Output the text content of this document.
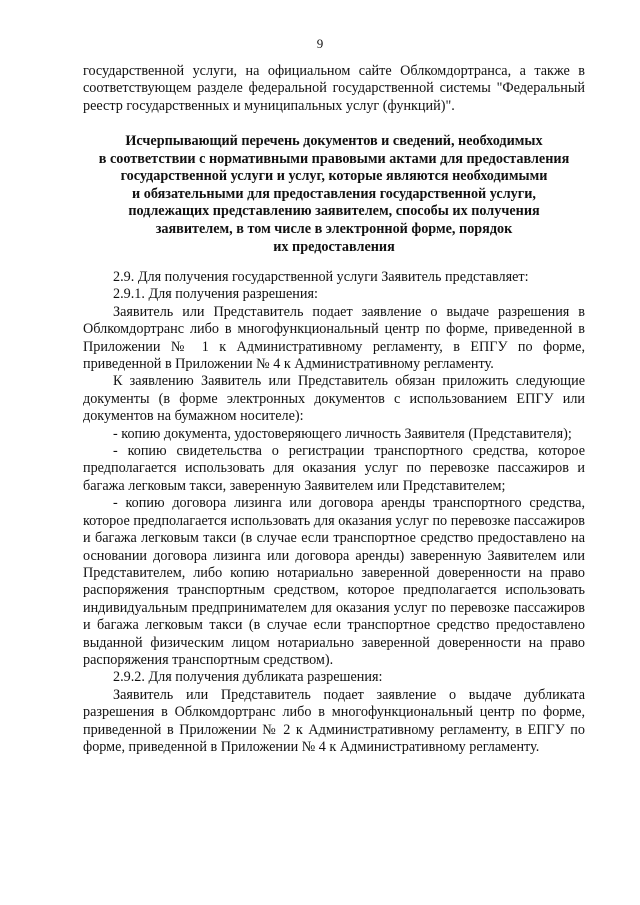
9

государственной услуги, на официальном сайте Облкомдортранса, а также в соответствующем разделе федеральной государственной системы "Федеральный реестр государственных и муниципальных услуг (функций)".

Исчерпывающий перечень документов и сведений, необходимых

в соответствии с нормативными правовыми актами для предоставления

государственной услуги и услуг, которые являются необходимыми

и обязательными для предоставления государственной услуги,

подлежащих представлению заявителем, способы их получения

заявителем, в том числе в электронной форме, порядок

их предоставления

2.9. Для получения государственной услуги Заявитель представляет:

2.9.1. Для получения разрешения:

Заявитель или Представитель подает заявление о выдаче разрешения в Облкомдортранс либо в многофункциональный центр по форме, приведенной в Приложении № 1 к Административному регламенту, в ЕПГУ по форме, приведенной в Приложении № 4 к Административному регламенту.

К заявлению Заявитель или Представитель обязан приложить следующие документы (в форме электронных документов с использованием ЕПГУ или документов на бумажном носителе):

- копию документа, удостоверяющего личность Заявителя (Представителя);

- копию свидетельства о регистрации транспортного средства, которое предполагается использовать для оказания услуг по перевозке пассажиров и багажа легковым такси, заверенную Заявителем или Представителем;

- копию договора лизинга или договора аренды транспортного средства, которое предполагается использовать для оказания услуг по перевозке пассажиров и багажа легковым такси (в случае если транспортное средство предоставлено на основании договора лизинга или договора аренды) заверенную Заявителем или Представителем, либо копию нотариально заверенной доверенности на право распоряжения транспортным средством, которое предполагается использовать индивидуальным предпринимателем для оказания услуг по перевозке пассажиров и багажа легковым такси (в случае если транспортное средство предоставлено выданной физическим лицом нотариально заверенной доверенности на право распоряжения транспортным средством).

2.9.2. Для получения дубликата разрешения:

Заявитель или Представитель подает заявление о выдаче дубликата разрешения в Облкомдортранс либо в многофункциональный центр по форме, приведенной в Приложении № 2 к Административному регламенту, в ЕПГУ по форме, приведенной в Приложении № 4 к Административному регламенту.
